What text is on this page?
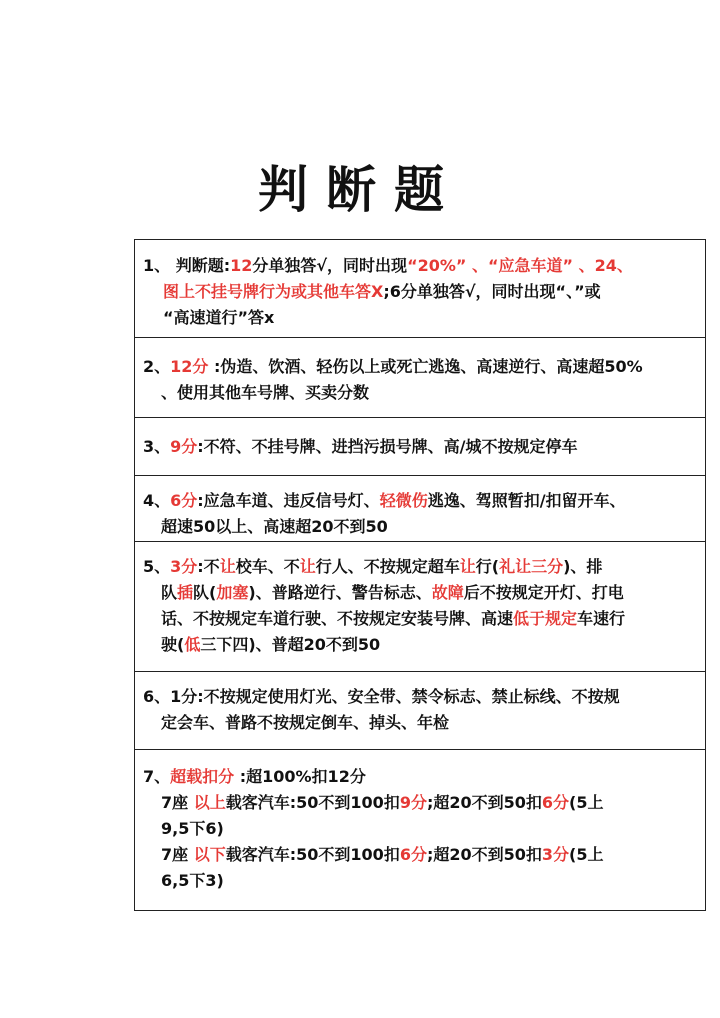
判断题
1、 判断题:12分单独答√，同时出现“20%” 、“应急车道” 、24、
图上不挂号牌行为或其他车答X;6分单独答√，同时出现“、”或
“高速道行”答x
2、12分 :伪造、饮酒、轻伤以上或死亡逃逸、高速逆行、高速超50%
、使用其他车号牌、买卖分数
3、9分:不符、不挂号牌、进挡污损号牌、高/城不按规定停车
4、6分:应急车道、违反信号灯、轻微伤逃逸、驾照暂扣/扣留开车、
超速50以上、高速超20不到50
5、3分:不让校车、不让行人、不按规定超车让行(礼让三分)、排
队插队(加塞)、普路逆行、警告标志、故障后不按规定开灯、打电
话、不按规定车道行驶、不按规定安装号牌、高速低于规定车速行
驶(低三下四)、普超20不到50
6、1分:不按规定使用灯光、安全带、禁令标志、禁止标线、不按规
定会车、普路不按规定倒车、掉头、年检
7、超载扣分 :超100%扣12分
7座 以上载客汽车:50不到100扣9分;超20不到50扣6分(5上
9,5下6)
7座 以下载客汽车:50不到100扣6分;超20不到50扣3分(5上
6,5下3)
